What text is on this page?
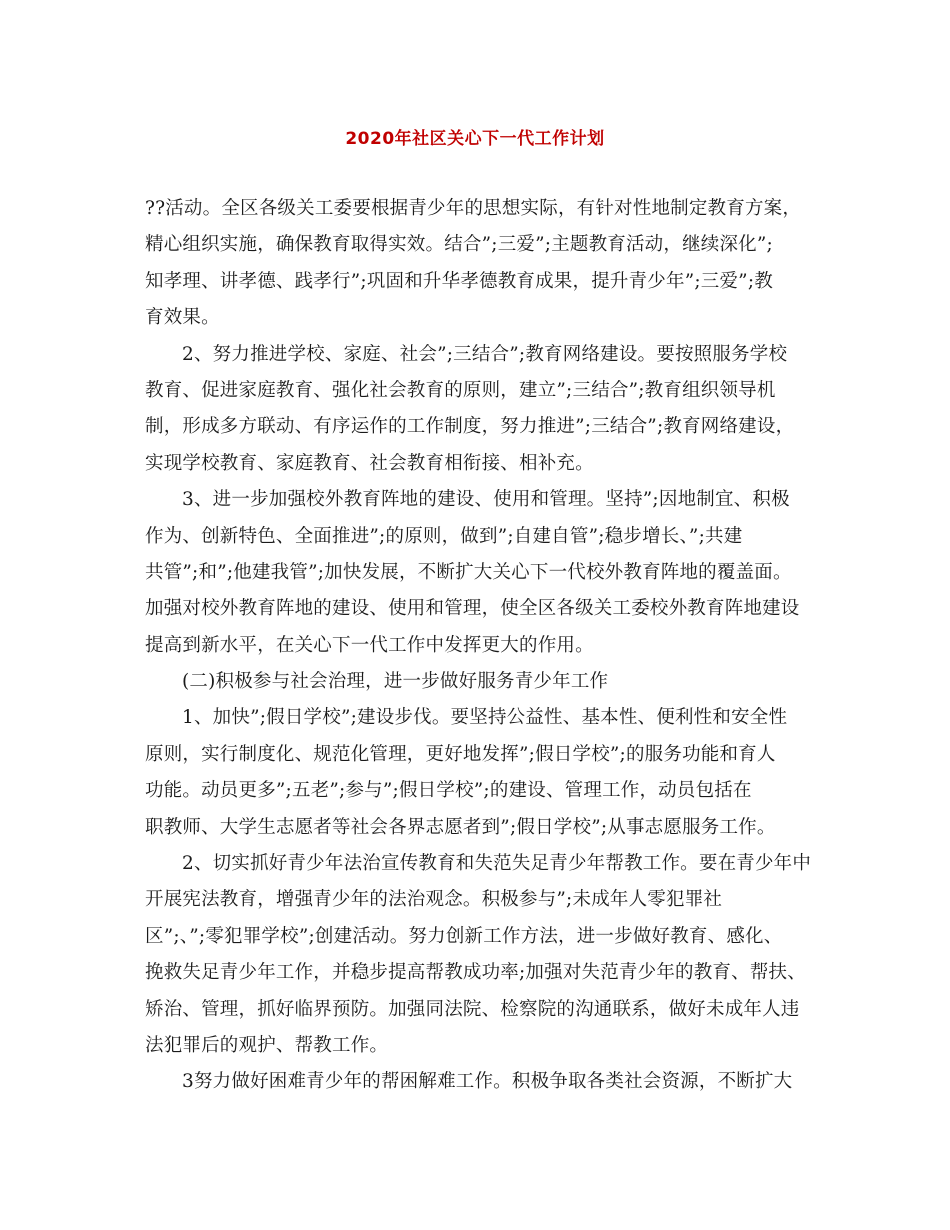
2020年社区关心下一代工作计划
??活动。全区各级关工委要根据青少年的思想实际，有针对性地制定教育方案，
精心组织实施，确保教育取得实效。结合”;三爱”;主题教育活动，继续深化”;
知孝理、讲孝德、践孝行”;巩固和升华孝德教育成果，提升青少年”;三爱”;教
育效果。
2、努力推进学校、家庭、社会”;三结合”;教育网络建设。要按照服务学校
教育、促进家庭教育、强化社会教育的原则，建立”;三结合”;教育组织领导机
制，形成多方联动、有序运作的工作制度，努力推进”;三结合”;教育网络建设，
实现学校教育、家庭教育、社会教育相衔接、相补充。
3、进一步加强校外教育阵地的建设、使用和管理。坚持”;因地制宜、积极
作为、创新特色、全面推进”;的原则，做到”;自建自管”;稳步增长、”;共建
共管”;和”;他建我管”;加快发展，不断扩大关心下一代校外教育阵地的覆盖面。
加强对校外教育阵地的建设、使用和管理，使全区各级关工委校外教育阵地建设
提高到新水平，在关心下一代工作中发挥更大的作用。
(二)积极参与社会治理，进一步做好服务青少年工作
1、加快”;假日学校”;建设步伐。要坚持公益性、基本性、便利性和安全性
原则，实行制度化、规范化管理，更好地发挥”;假日学校”;的服务功能和育人
功能。动员更多”;五老”;参与”;假日学校”;的建设、管理工作，动员包括在
职教师、大学生志愿者等社会各界志愿者到”;假日学校”;从事志愿服务工作。
2、切实抓好青少年法治宣传教育和失范失足青少年帮教工作。要在青少年中
开展宪法教育，增强青少年的法治观念。积极参与”;未成年人零犯罪社
区”;、”;零犯罪学校”;创建活动。努力创新工作方法，进一步做好教育、感化、
挽救失足青少年工作，并稳步提高帮教成功率;加强对失范青少年的教育、帮扶、
矫治、管理，抓好临界预防。加强同法院、检察院的沟通联系，做好未成年人违
法犯罪后的观护、帮教工作。
3努力做好困难青少年的帮困解难工作。积极争取各类社会资源，不断扩大
